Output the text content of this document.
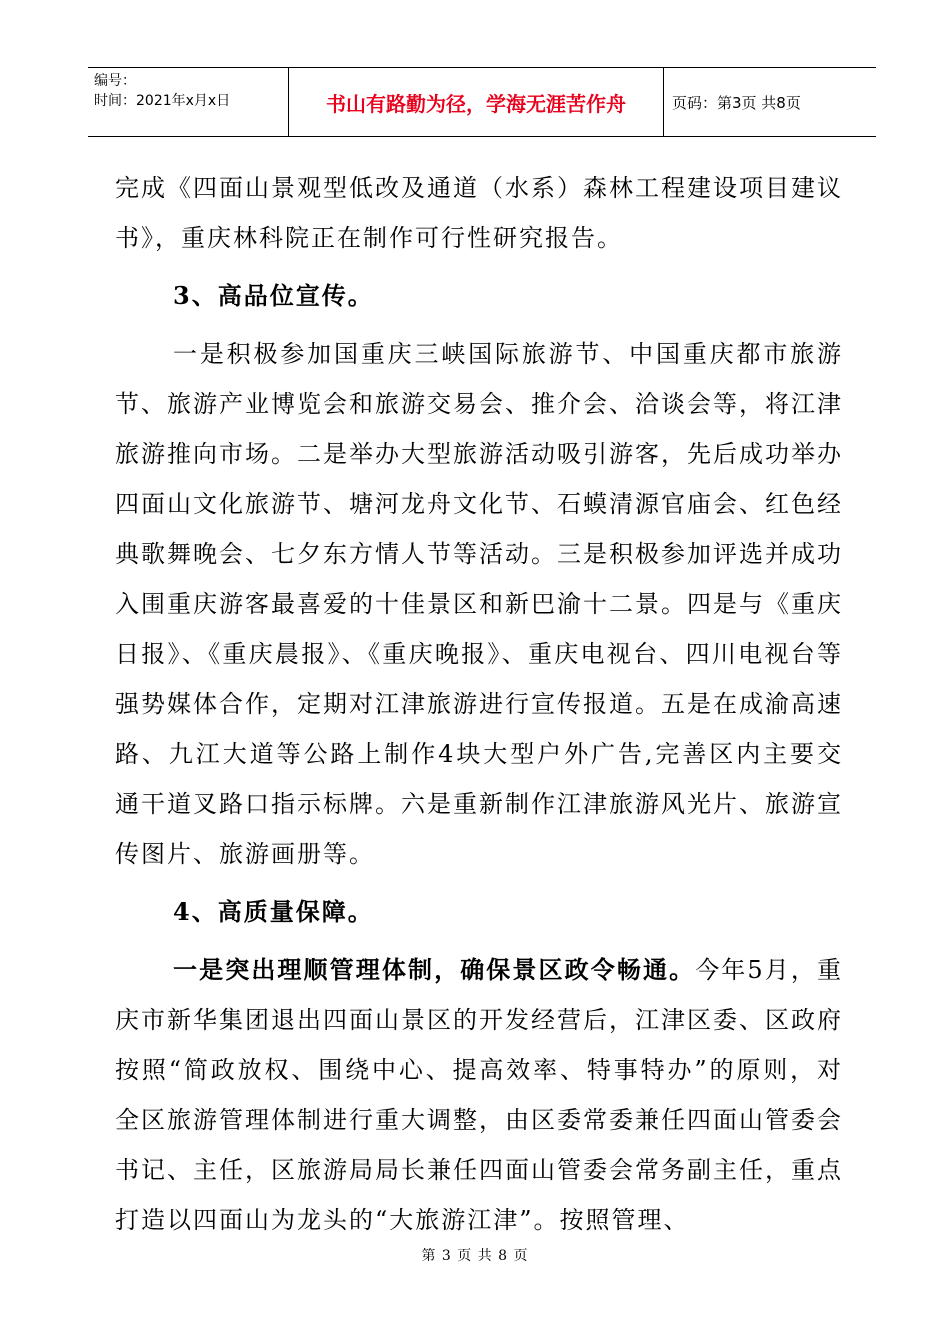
编号：
时间：2021年x月x日	书山有路勤为径，学海无涯苦作舟	页码：第3页 共8页

完成《四面山景观型低改及通道（水系）森林工程建设项目建议书》，重庆林科院正在制作可行性研究报告。

3、高品位宣传。

一是积极参加国重庆三峡国际旅游节、中国重庆都市旅游节、旅游产业博览会和旅游交易会、推介会、洽谈会等，将江津旅游推向市场。二是举办大型旅游活动吸引游客，先后成功举办四面山文化旅游节、塘河龙舟文化节、石蟆清源官庙会、红色经典歌舞晚会、七夕东方情人节等活动。三是积极参加评选并成功入围重庆游客最喜爱的十佳景区和新巴渝十二景。四是与《重庆日报》、《重庆晨报》、《重庆晚报》、重庆电视台、四川电视台等强势媒体合作，定期对江津旅游进行宣传报道。五是在成渝高速路、九江大道等公路上制作4块大型户外广告,完善区内主要交通干道叉路口指示标牌。六是重新制作江津旅游风光片、旅游宣传图片、旅游画册等。

4、高质量保障。

一是突出理顺管理体制，确保景区政令畅通。今年5月，重庆市新华集团退出四面山景区的开发经营后，江津区委、区政府按照“简政放权、围绕中心、提高效率、特事特办”的原则，对全区旅游管理体制进行重大调整，由区委常委兼任四面山管委会书记、主任，区旅游局局长兼任四面山管委会常务副主任，重点打造以四面山为龙头的“大旅游江津”。按照管理、

第 3 页 共 8 页
